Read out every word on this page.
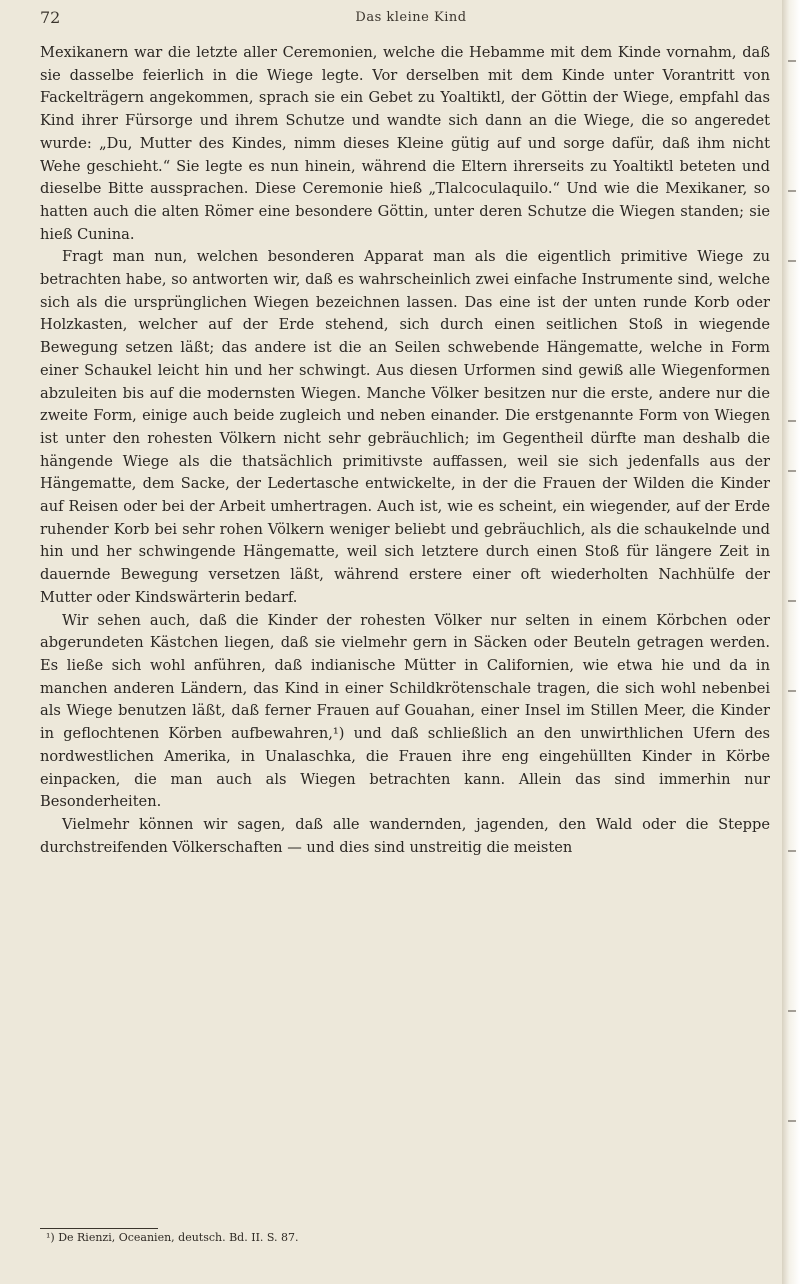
72	Das kleine Kind

Mexikanern war die letzte aller Ceremonien, welche die Hebamme mit dem Kinde vornahm, daß sie dasselbe feierlich in die Wiege legte. Vor derselben mit dem Kinde unter Vorantritt von Fackelträgern angekommen, sprach sie ein Gebet zu Yoaltiktl, der Göttin der Wiege, empfahl das Kind ihrer Fürsorge und ihrem Schutze und wandte sich dann an die Wiege, die so angeredet wurde: „Du, Mutter des Kindes, nimm dieses Kleine gütig auf und sorge dafür, daß ihm nicht Wehe geschieht.“ Sie legte es nun hinein, während die Eltern ihrerseits zu Yoaltiktl beteten und dieselbe Bitte aussprachen. Diese Ceremonie hieß „Tlalcoculaquilo.“ Und wie die Mexikaner, so hatten auch die alten Römer eine besondere Göttin, unter deren Schutze die Wiegen standen; sie hieß Cunina.

Fragt man nun, welchen besonderen Apparat man als die eigentlich primitive Wiege zu betrachten habe, so antworten wir, daß es wahrscheinlich zwei einfache Instrumente sind, welche sich als die ursprünglichen Wiegen bezeichnen lassen. Das eine ist der unten runde Korb oder Holzkasten, welcher auf der Erde stehend, sich durch einen seitlichen Stoß in wiegende Bewegung setzen läßt; das andere ist die an Seilen schwebende Hängematte, welche in Form einer Schaukel leicht hin und her schwingt. Aus diesen Urformen sind gewiß alle Wiegenformen abzuleiten bis auf die modernsten Wiegen. Manche Völker besitzen nur die erste, andere nur die zweite Form, einige auch beide zugleich und neben einander. Die erstgenannte Form von Wiegen ist unter den rohesten Völkern nicht sehr gebräuchlich; im Gegentheil dürfte man deshalb die hängende Wiege als die thatsächlich primitivste auffassen, weil sie sich jedenfalls aus der Hängematte, dem Sacke, der Ledertasche entwickelte, in der die Frauen der Wilden die Kinder auf Reisen oder bei der Arbeit umhertragen. Auch ist, wie es scheint, ein wiegender, auf der Erde ruhender Korb bei sehr rohen Völkern weniger beliebt und gebräuchlich, als die schaukelnde und hin und her schwingende Hängematte, weil sich letztere durch einen Stoß für längere Zeit in dauernde Bewegung versetzen läßt, während erstere einer oft wiederholten Nachhülfe der Mutter oder Kindswärterin bedarf.

Wir sehen auch, daß die Kinder der rohesten Völker nur selten in einem Körbchen oder abgerundeten Kästchen liegen, daß sie vielmehr gern in Säcken oder Beuteln getragen werden. Es ließe sich wohl anführen, daß indianische Mütter in Californien, wie etwa hie und da in manchen anderen Ländern, das Kind in einer Schildkrötenschale tragen, die sich wohl nebenbei als Wiege benutzen läßt, daß ferner Frauen auf Gouahan, einer Insel im Stillen Meer, die Kinder in geflochtenen Körben aufbewahren,¹) und daß schließlich an den unwirthlichen Ufern des nordwestlichen Amerika, in Unalaschka, die Frauen ihre eng eingehüllten Kinder in Körbe einpacken, die man auch als Wiegen betrachten kann. Allein das sind immerhin nur Besonderheiten.

Vielmehr können wir sagen, daß alle wandernden, jagenden, den Wald oder die Steppe durchstreifenden Völkerschaften — und dies sind unstreitig die meisten

¹) De Rienzi, Oceanien, deutsch. Bd. II. S. 87.
